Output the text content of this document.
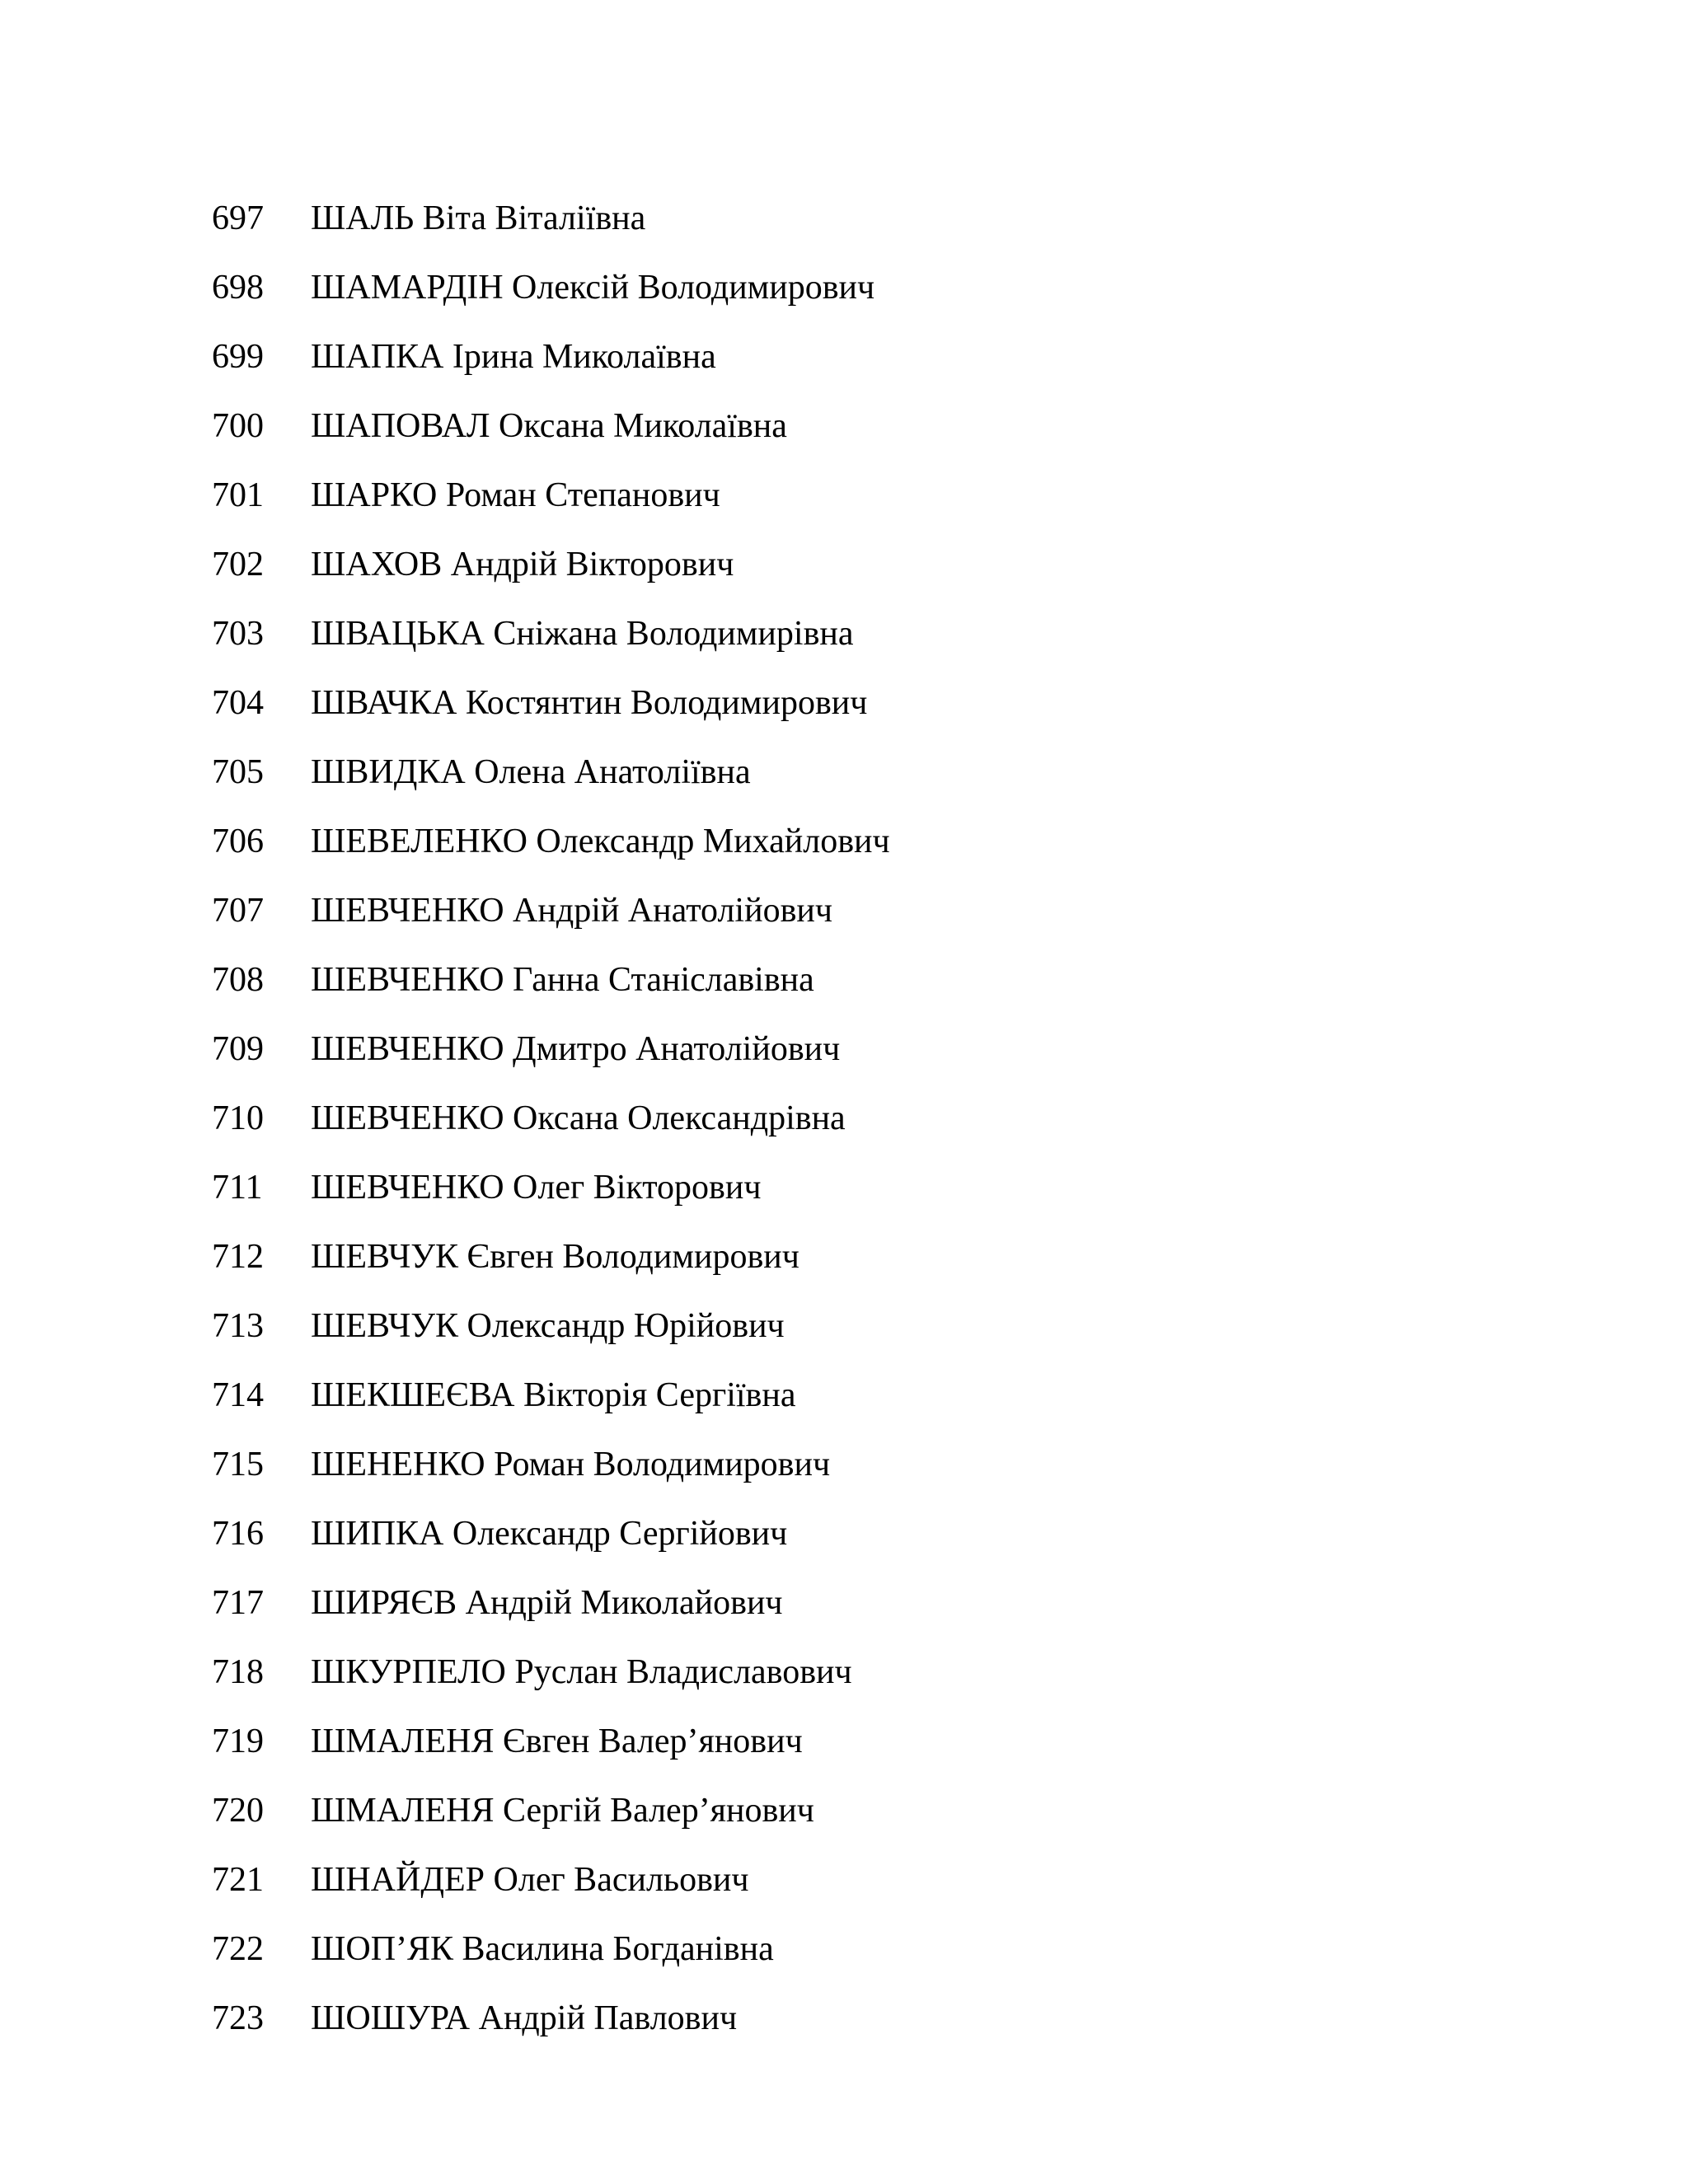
697	ШАЛЬ Віта Віталіївна
698	ШАМАРДІН Олексій Володимирович
699	ШАПКА Ірина Миколаївна
700	ШАПОВАЛ Оксана Миколаївна
701	ШАРКО Роман Степанович
702	ШАХОВ Андрій Вікторович
703	ШВАЦЬКА Сніжана Володимирівна
704	ШВАЧКА Костянтин Володимирович
705	ШВИДКА Олена Анатоліївна
706	ШЕВЕЛЕНКО Олександр Михайлович
707	ШЕВЧЕНКО Андрій Анатолійович
708	ШЕВЧЕНКО Ганна Станіславівна
709	ШЕВЧЕНКО Дмитро Анатолійович
710	ШЕВЧЕНКО Оксана Олександрівна
711	ШЕВЧЕНКО Олег Вікторович
712	ШЕВЧУК Євген Володимирович
713	ШЕВЧУК Олександр Юрійович
714	ШЕКШЕЄВА Вікторія Сергіївна
715	ШЕНЕНКО Роман Володимирович
716	ШИПКА Олександр Сергійович
717	ШИРЯЄВ Андрій Миколайович
718	ШКУРПЕЛО Руслан Владиславович
719	ШМАЛЕНЯ Євген Валер’янович
720	ШМАЛЕНЯ Сергій Валер’янович
721	ШНАЙДЕР Олег Васильович
722	ШОП’ЯК Василина Богданівна
723	ШОШУРА Андрій Павлович
